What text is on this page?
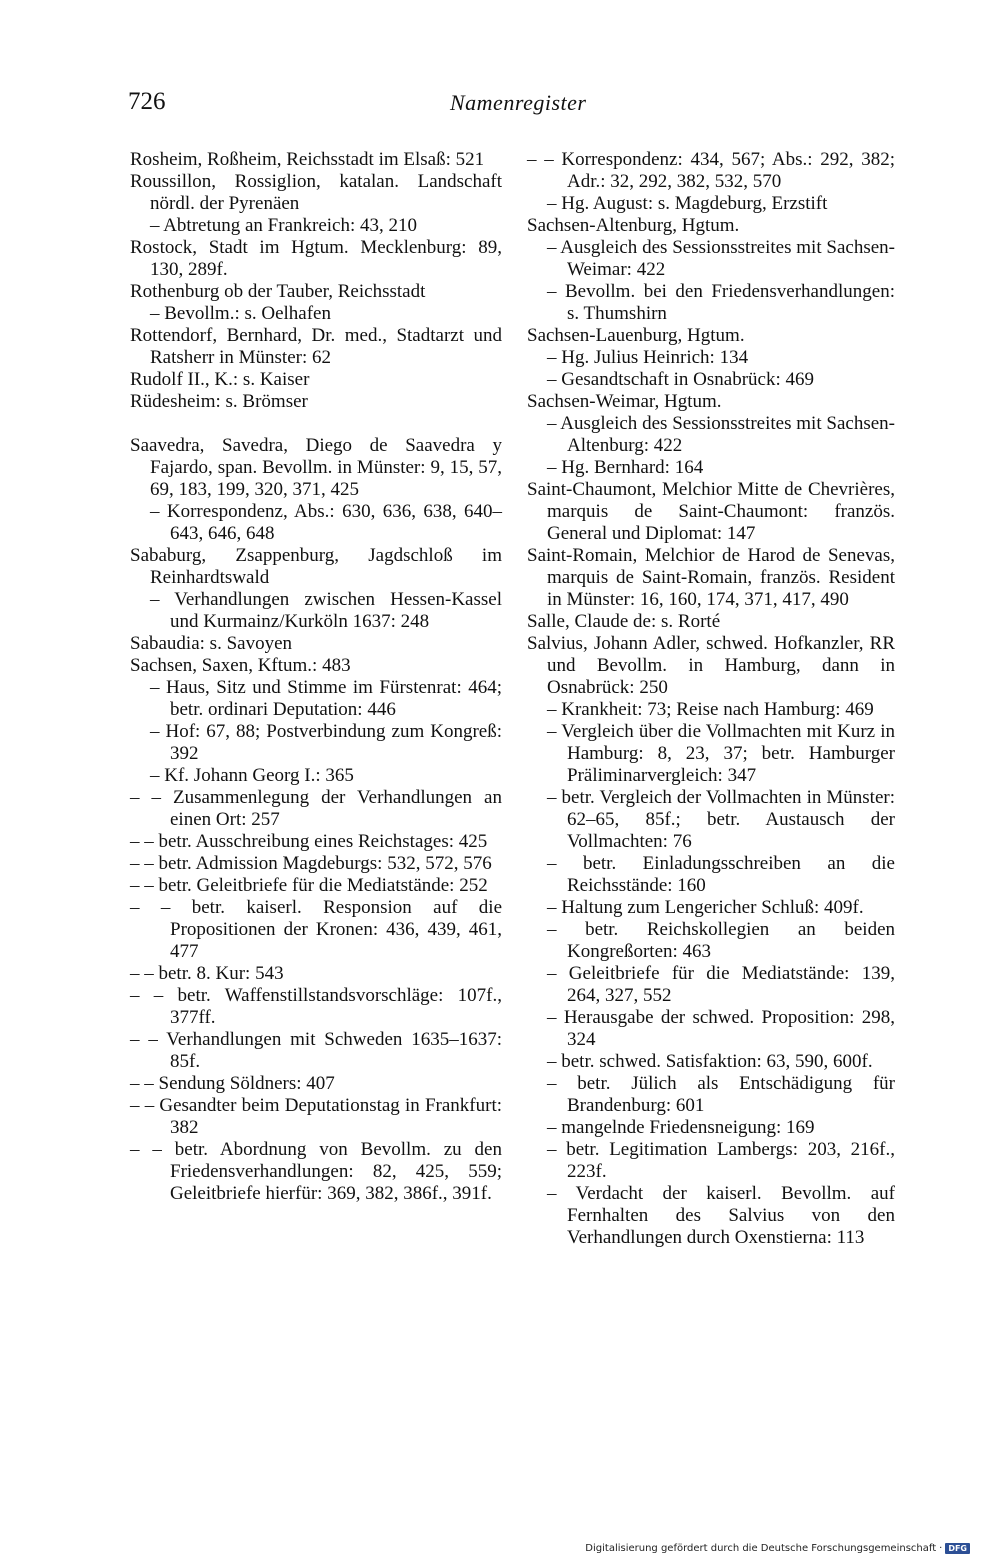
726	Namenregister
Rosheim, Roßheim, Reichsstadt im Elsaß: 521
Roussillon, Rossiglion, katalan. Landschaft nördl. der Pyrenäen
– Abtretung an Frankreich: 43, 210
Rostock, Stadt im Hgtum. Mecklenburg: 89, 130, 289f.
Rothenburg ob der Tauber, Reichsstadt
– Bevollm.: s. Oelhafen
Rottendorf, Bernhard, Dr. med., Stadtarzt und Ratsherr in Münster: 62
Rudolf II., K.: s. Kaiser
Rüdesheim: s. Brömser
Saavedra, Savedra, Diego de Saavedra y Fajardo, span. Bevollm. in Münster: 9, 15, 57, 69, 183, 199, 320, 371, 425
– Korrespondenz, Abs.: 630, 636, 638, 640–643, 646, 648
Sababurg, Zsappenburg, Jagdschloß im Reinhardtswald
– Verhandlungen zwischen Hessen-Kassel und Kurmainz/Kurköln 1637: 248
Sabaudia: s. Savoyen
Sachsen, Saxen, Kftum.: 483
– Haus, Sitz und Stimme im Fürstenrat: 464; betr. ordinari Deputation: 446
– Hof: 67, 88; Postverbindung zum Kongreß: 392
– Kf. Johann Georg I.: 365
– – Zusammenlegung der Verhandlungen an einen Ort: 257
– – betr. Ausschreibung eines Reichstages: 425
– – betr. Admission Magdeburgs: 532, 572, 576
– – betr. Geleitbriefe für die Mediatstände: 252
– – betr. kaiserl. Responsion auf die Propositionen der Kronen: 436, 439, 461, 477
– – betr. 8. Kur: 543
– – betr. Waffenstillstandsvorschläge: 107f., 377ff.
– – Verhandlungen mit Schweden 1635–1637: 85f.
– – Sendung Söldners: 407
– – Gesandter beim Deputationstag in Frankfurt: 382
– – betr. Abordnung von Bevollm. zu den Friedensverhandlungen: 82, 425, 559; Geleitbriefe hierfür: 369, 382, 386f., 391f.
– – Korrespondenz: 434, 567; Abs.: 292, 382; Adr.: 32, 292, 382, 532, 570
– Hg. August: s. Magdeburg, Erzstift
Sachsen-Altenburg, Hgtum.
– Ausgleich des Sessionsstreites mit Sachsen-Weimar: 422
– Bevollm. bei den Friedensverhandlungen: s. Thumshirn
Sachsen-Lauenburg, Hgtum.
– Hg. Julius Heinrich: 134
– Gesandtschaft in Osnabrück: 469
Sachsen-Weimar, Hgtum.
– Ausgleich des Sessionsstreites mit Sachsen-Altenburg: 422
– Hg. Bernhard: 164
Saint-Chaumont, Melchior Mitte de Chevrières, marquis de Saint-Chaumont: französ. General und Diplomat: 147
Saint-Romain, Melchior de Harod de Senevas, marquis de Saint-Romain, französ. Resident in Münster: 16, 160, 174, 371, 417, 490
Salle, Claude de: s. Rorté
Salvius, Johann Adler, schwed. Hofkanzler, RR und Bevollm. in Hamburg, dann in Osnabrück: 250
– Krankheit: 73; Reise nach Hamburg: 469
– Vergleich über die Vollmachten mit Kurz in Hamburg: 8, 23, 37; betr. Hamburger Präliminarvergleich: 347
– betr. Vergleich der Vollmachten in Münster: 62–65, 85f.; betr. Austausch der Vollmachten: 76
– betr. Einladungsschreiben an die Reichsstände: 160
– Haltung zum Lengericher Schluß: 409f.
– betr. Reichskollegien an beiden Kongreßorten: 463
– Geleitbriefe für die Mediatstände: 139, 264, 327, 552
– Herausgabe der schwed. Proposition: 298, 324
– betr. schwed. Satisfaktion: 63, 590, 600f.
– betr. Jülich als Entschädigung für Brandenburg: 601
– mangelnde Friedensneigung: 169
– betr. Legitimation Lambergs: 203, 216f., 223f.
– Verdacht der kaiserl. Bevollm. auf Fernhalten des Salvius von den Verhandlungen durch Oxenstierna: 113
Digitalisierung gefördert durch die Deutsche Forschungsgemeinschaft · DFG
